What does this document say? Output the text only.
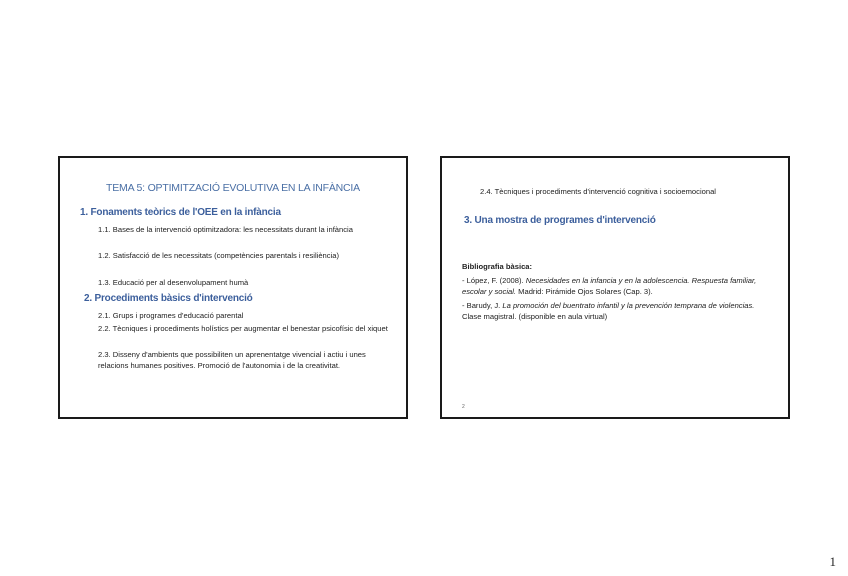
TEMA 5: OPTIMITZACIÓ EVOLUTIVA EN LA INFÀNCIA
1. Fonaments teòrics de l'OEE en la infància
1.1. Bases de la intervenció optimitzadora: les necessitats durant la infància
1.2. Satisfacció de les necessitats (competències parentals i resiliència)
1.3. Educació per al desenvolupament humà
2. Procediments bàsics d'intervenció
2.1. Grups i programes d'educació parental
2.2. Tècniques i procediments holístics per augmentar el benestar psicofísic del xiquet
2.3. Disseny d'ambients que possibiliten un aprenentatge vivencial i actiu i unes relacions humanes positives. Promoció de l'autonomia i de la creativitat.
2.4. Tècniques i procediments d'intervenció cognitiva i socioemocional
3. Una mostra de programes d'intervenció
Bibliografia bàsica:
- López, F. (2008). Necesidades en la infancia y en la adolescencia. Respuesta familiar, escolar y social. Madrid: Pirámide Ojos Solares (Cap. 3).
- Barudy, J. La promoción del buentrato infantil y la prevención temprana de violencias. Clase magistral. (disponible en aula virtual)
2
1
